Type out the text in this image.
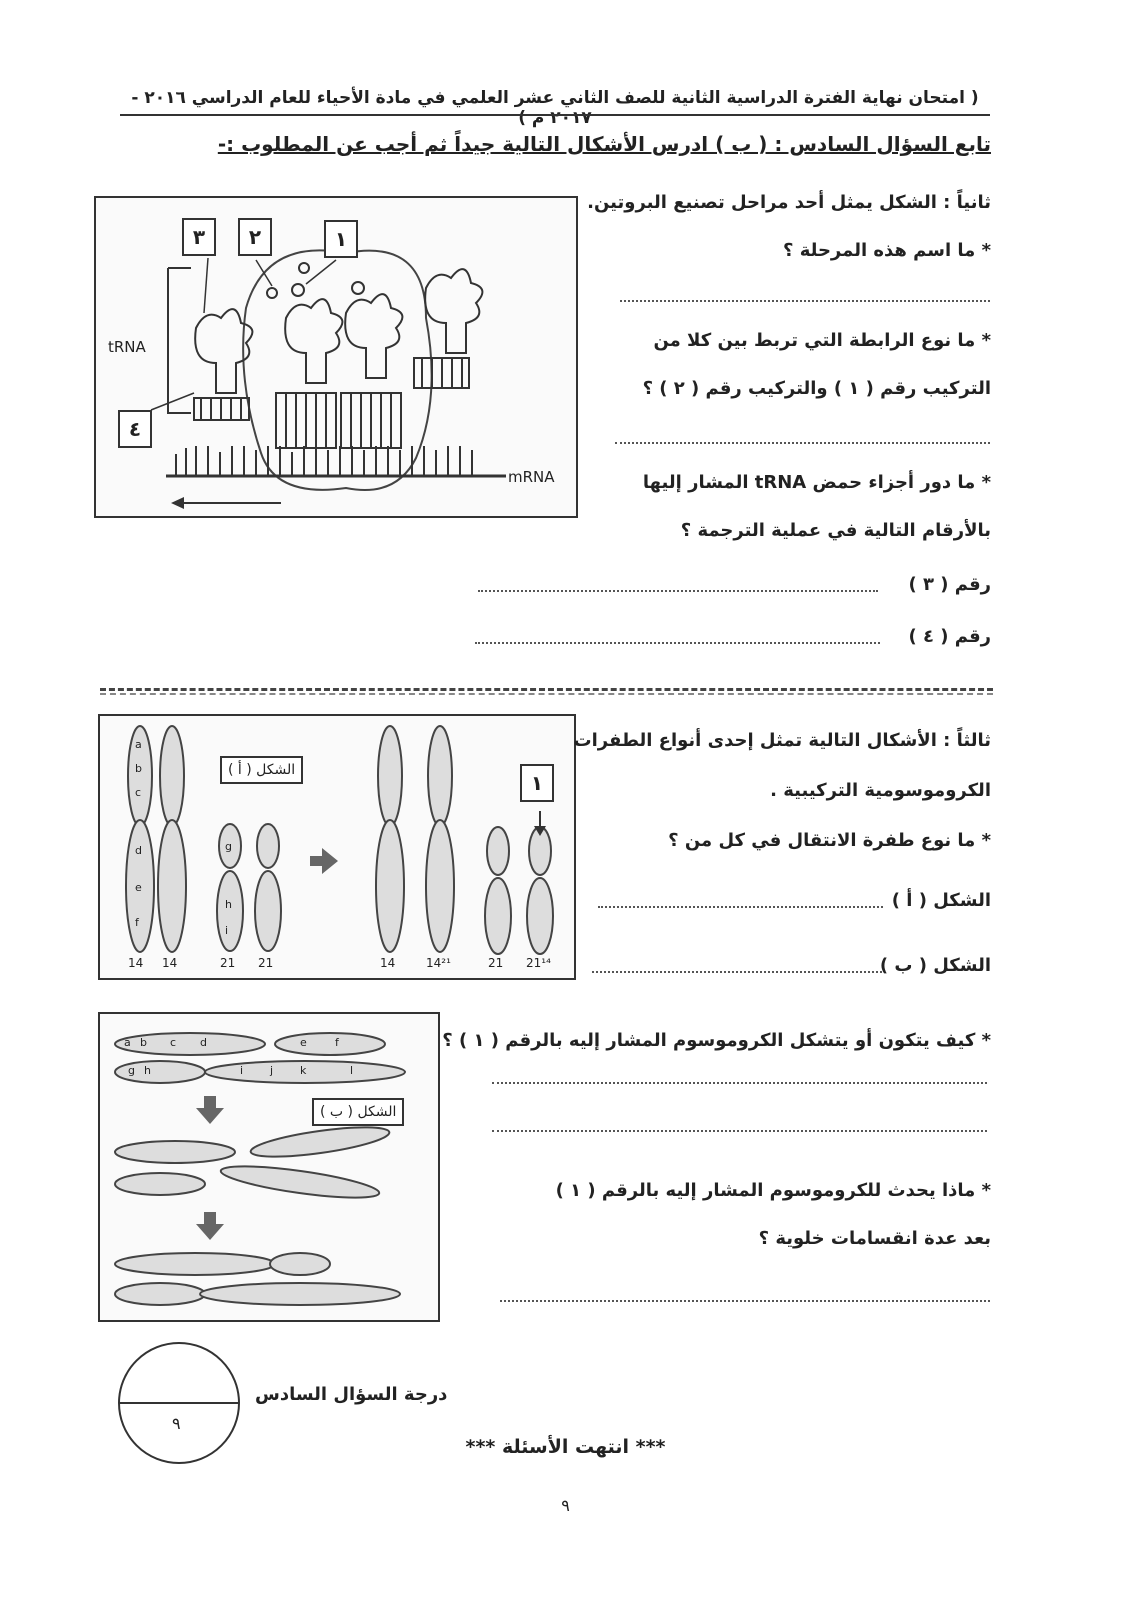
( امتحان نهاية الفترة الدراسية الثانية للصف الثاني عشر العلمي في مادة الأحياء للعام الدراسي ٢٠١٦ - ٢٠١٧ م )
تابع السؤال السادس : ( ب ) ادرس الأشكال التالية جيداً ثم أجب عن المطلوب :-
٣	٢	١
٤
tRNA
mRNA
ثانياً : الشكل يمثل أحد مراحل تصنيع البروتين.
* ما اسم هذه المرحلة ؟
* ما نوع الرابطة التي تربط بين كلا من
التركيب رقم ( ١ ) والتركيب رقم ( ٢ ) ؟
* ما دور أجزاء حمض tRNA المشار إليها
بالأرقام التالية في عملية الترجمة ؟
رقم ( ٣ )
رقم ( ٤ )
الشكل ( أ )
١
14 14	21 21	14	14²¹	21 21¹⁴
a
b
c
d
e
f
g
h
i
ثالثاً : الأشكال التالية تمثل إحدى أنواع الطفرات
الكروموسومية التركيبية .
* ما نوع طفرة الانتقال في كل من ؟
الشكل ( أ )
الشكل ( ب )
الشكل ( ب )
a b c d	e	f
g h	i j k	l
* كيف يتكون أو يتشكل الكروموسوم المشار إليه بالرقم ( ١ ) ؟
* ماذا يحدث للكروموسوم المشار إليه بالرقم ( ١ )
بعد عدة انقسامات خلوية ؟
٩
درجة السؤال السادس
*** انتهت الأسئلة ***
٩
